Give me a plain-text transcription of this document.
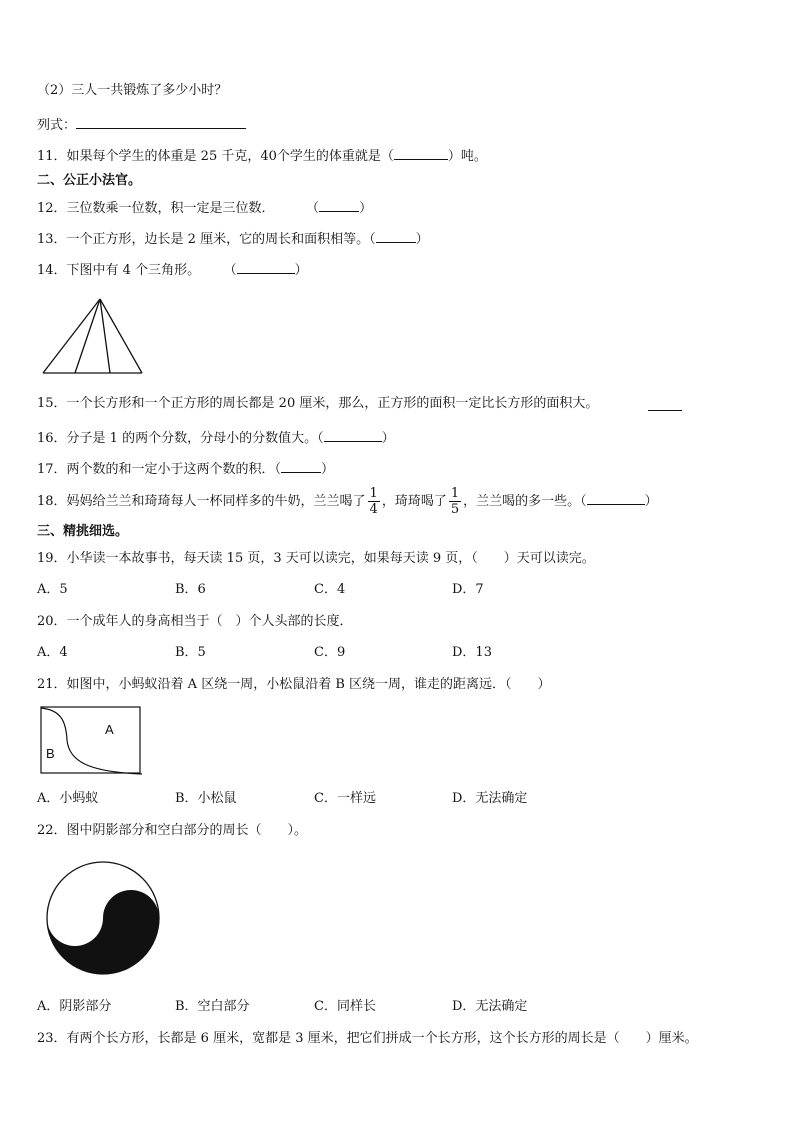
（2）三人一共锻炼了多少小时？
列式：
11．如果每个学生的体重是 25 千克，40个学生的体重就是（	）吨。
二、公正小法官。
12．三位数乘一位数，积一定是三位数．	（	）
13．一个正方形，边长是 2 厘米，它的周长和面积相等。（	）
14．下图中有 4 个三角形。 （	）
15．一个长方形和一个正方形的周长都是 20 厘米，那么，正方形的面积一定比长方形的面积大。
16．分子是 1 的两个分数，分母小的分数值大。（	）
17．两个数的和一定小于这两个数的积．（	）
18．妈妈给兰兰和琦琦每人一杯同样多的牛奶，兰兰喝了 $\frac{1}{4}$ ，琦琦喝了 $\frac{1}{5}$ ，兰兰喝的多一些。（	）
三、精挑细选。
19．小华读一本故事书，每天读 15 页，3 天可以读完，如果每天读 9 页，（　　）天可以读完。
A．5	B．6	C．4	D．7
20．一个成年人的身高相当于（　）个人头部的长度．
A．4	B．5	C．9	D．13
21．如图中，小蚂蚁沿着 A 区绕一周，小松鼠沿着 B 区绕一周，谁走的距离远．（　　）
A
B
A．小蚂蚁	B．小松鼠	C．一样远	D．无法确定
22．图中阴影部分和空白部分的周长（　　）。
A．阴影部分	B．空白部分	C．同样长	D．无法确定
23．有两个长方形，长都是 6 厘米，宽都是 3 厘米，把它们拼成一个长方形，这个长方形的周长是（　　）厘米。
